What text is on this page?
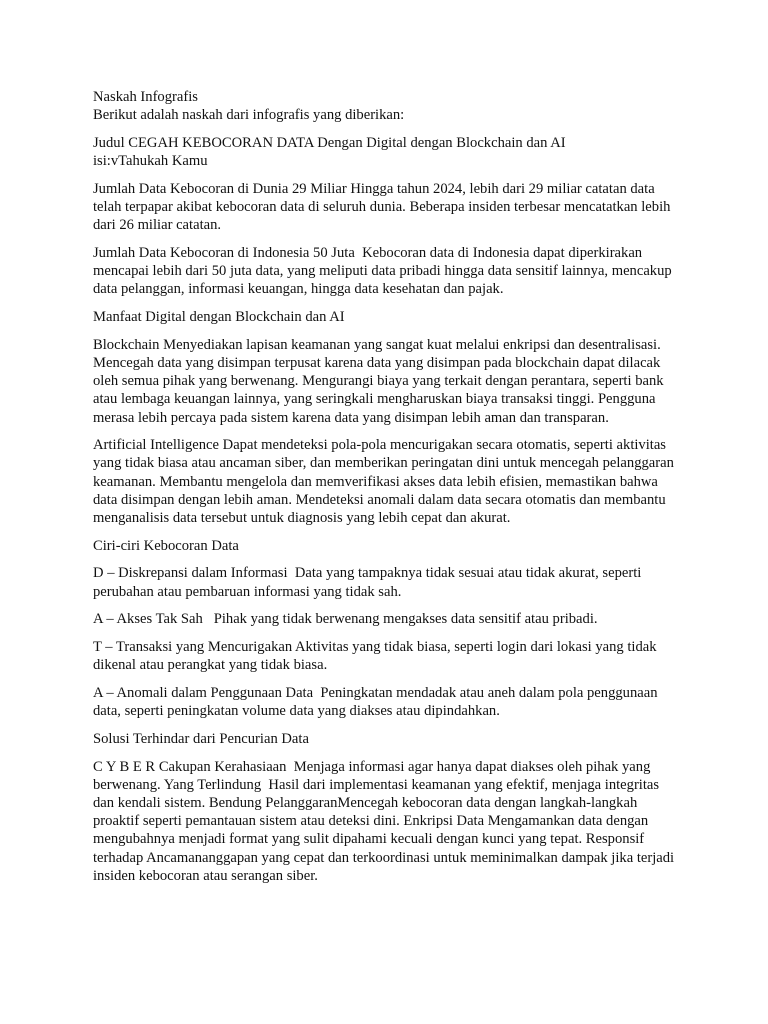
Naskah Infografis

Berikut adalah naskah dari infografis yang diberikan:

Judul CEGAH KEBOCORAN DATA Dengan Digital dengan Blockchain dan AI
isi:vTahukah Kamu

Jumlah Data Kebocoran di Dunia 29 Miliar Hingga tahun 2024, lebih dari 29 miliar catatan data telah terpapar akibat kebocoran data di seluruh dunia. Beberapa insiden terbesar mencatatkan lebih dari 26 miliar catatan.

Jumlah Data Kebocoran di Indonesia 50 Juta  Kebocoran data di Indonesia dapat diperkirakan mencapai lebih dari 50 juta data, yang meliputi data pribadi hingga data sensitif lainnya, mencakup data pelanggan, informasi keuangan, hingga data kesehatan dan pajak.

Manfaat Digital dengan Blockchain dan AI

Blockchain Menyediakan lapisan keamanan yang sangat kuat melalui enkripsi dan desentralisasi. Mencegah data yang disimpan terpusat karena data yang disimpan pada blockchain dapat dilacak oleh semua pihak yang berwenang. Mengurangi biaya yang terkait dengan perantara, seperti bank atau lembaga keuangan lainnya, yang seringkali mengharuskan biaya transaksi tinggi. Pengguna merasa lebih percaya pada sistem karena data yang disimpan lebih aman dan transparan.

Artificial Intelligence Dapat mendeteksi pola-pola mencurigakan secara otomatis, seperti aktivitas yang tidak biasa atau ancaman siber, dan memberikan peringatan dini untuk mencegah pelanggaran keamanan. Membantu mengelola dan memverifikasi akses data lebih efisien, memastikan bahwa data disimpan dengan lebih aman. Mendeteksi anomali dalam data secara otomatis dan membantu menganalisis data tersebut untuk diagnosis yang lebih cepat dan akurat.

Ciri-ciri Kebocoran Data

D – Diskrepansi dalam Informasi  Data yang tampaknya tidak sesuai atau tidak akurat, seperti perubahan atau pembaruan informasi yang tidak sah.

A – Akses Tak Sah   Pihak yang tidak berwenang mengakses data sensitif atau pribadi.

T – Transaksi yang Mencurigakan Aktivitas yang tidak biasa, seperti login dari lokasi yang tidak dikenal atau perangkat yang tidak biasa.

A – Anomali dalam Penggunaan Data  Peningkatan mendadak atau aneh dalam pola penggunaan data, seperti peningkatan volume data yang diakses atau dipindahkan.

Solusi Terhindar dari Pencurian Data

C Y B E R Cakupan Kerahasiaan  Menjaga informasi agar hanya dapat diakses oleh pihak yang berwenang. Yang Terlindung  Hasil dari implementasi keamanan yang efektif, menjaga integritas dan kendali sistem. Bendung PelanggaranMencegah kebocoran data dengan langkah-langkah proaktif seperti pemantauan sistem atau deteksi dini. Enkripsi Data Mengamankan data dengan mengubahnya menjadi format yang sulit dipahami kecuali dengan kunci yang tepat. Responsif terhadap Ancamananggapan yang cepat dan terkoordinasi untuk meminimalkan dampak jika terjadi insiden kebocoran atau serangan siber.
